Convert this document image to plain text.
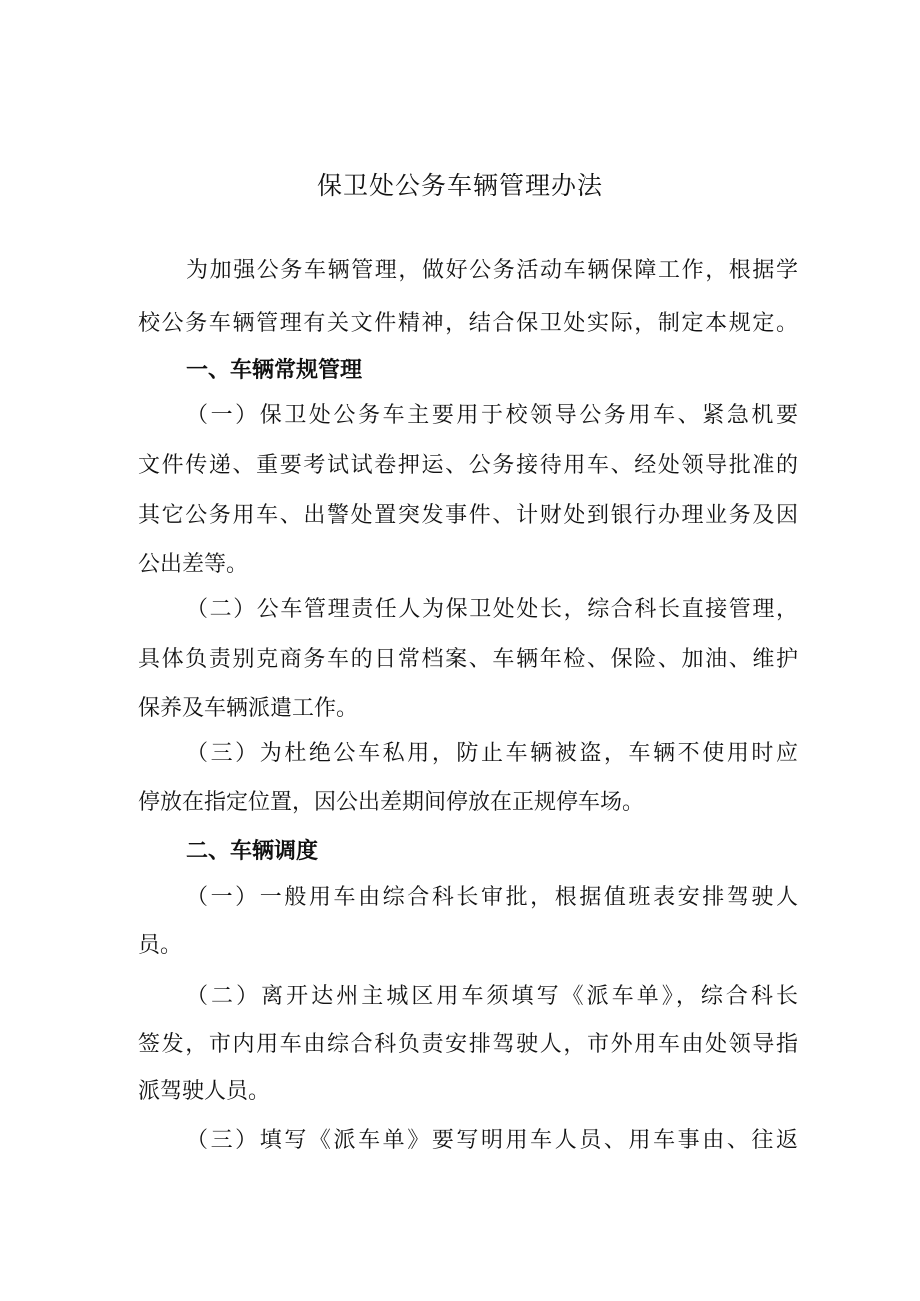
保卫处公务车辆管理办法
为加强公务车辆管理，做好公务活动车辆保障工作，根据学
校公务车辆管理有关文件精神，结合保卫处实际，制定本规定。
一、车辆常规管理
（一）保卫处公务车主要用于校领导公务用车、紧急机要
文件传递、重要考试试卷押运、公务接待用车、经处领导批准的
其它公务用车、出警处置突发事件、计财处到银行办理业务及因
公出差等。
（二）公车管理责任人为保卫处处长，综合科长直接管理，
具体负责别克商务车的日常档案、车辆年检、保险、加油、维护
保养及车辆派遣工作。
（三）为杜绝公车私用，防止车辆被盗，车辆不使用时应
停放在指定位置，因公出差期间停放在正规停车场。
二、车辆调度
（一）一般用车由综合科长审批，根据值班表安排驾驶人
员。
（二）离开达州主城区用车须填写《派车单》，综合科长
签发，市内用车由综合科负责安排驾驶人，市外用车由处领导指
派驾驶人员。
（三）填写《派车单》要写明用车人员、用车事由、往返
